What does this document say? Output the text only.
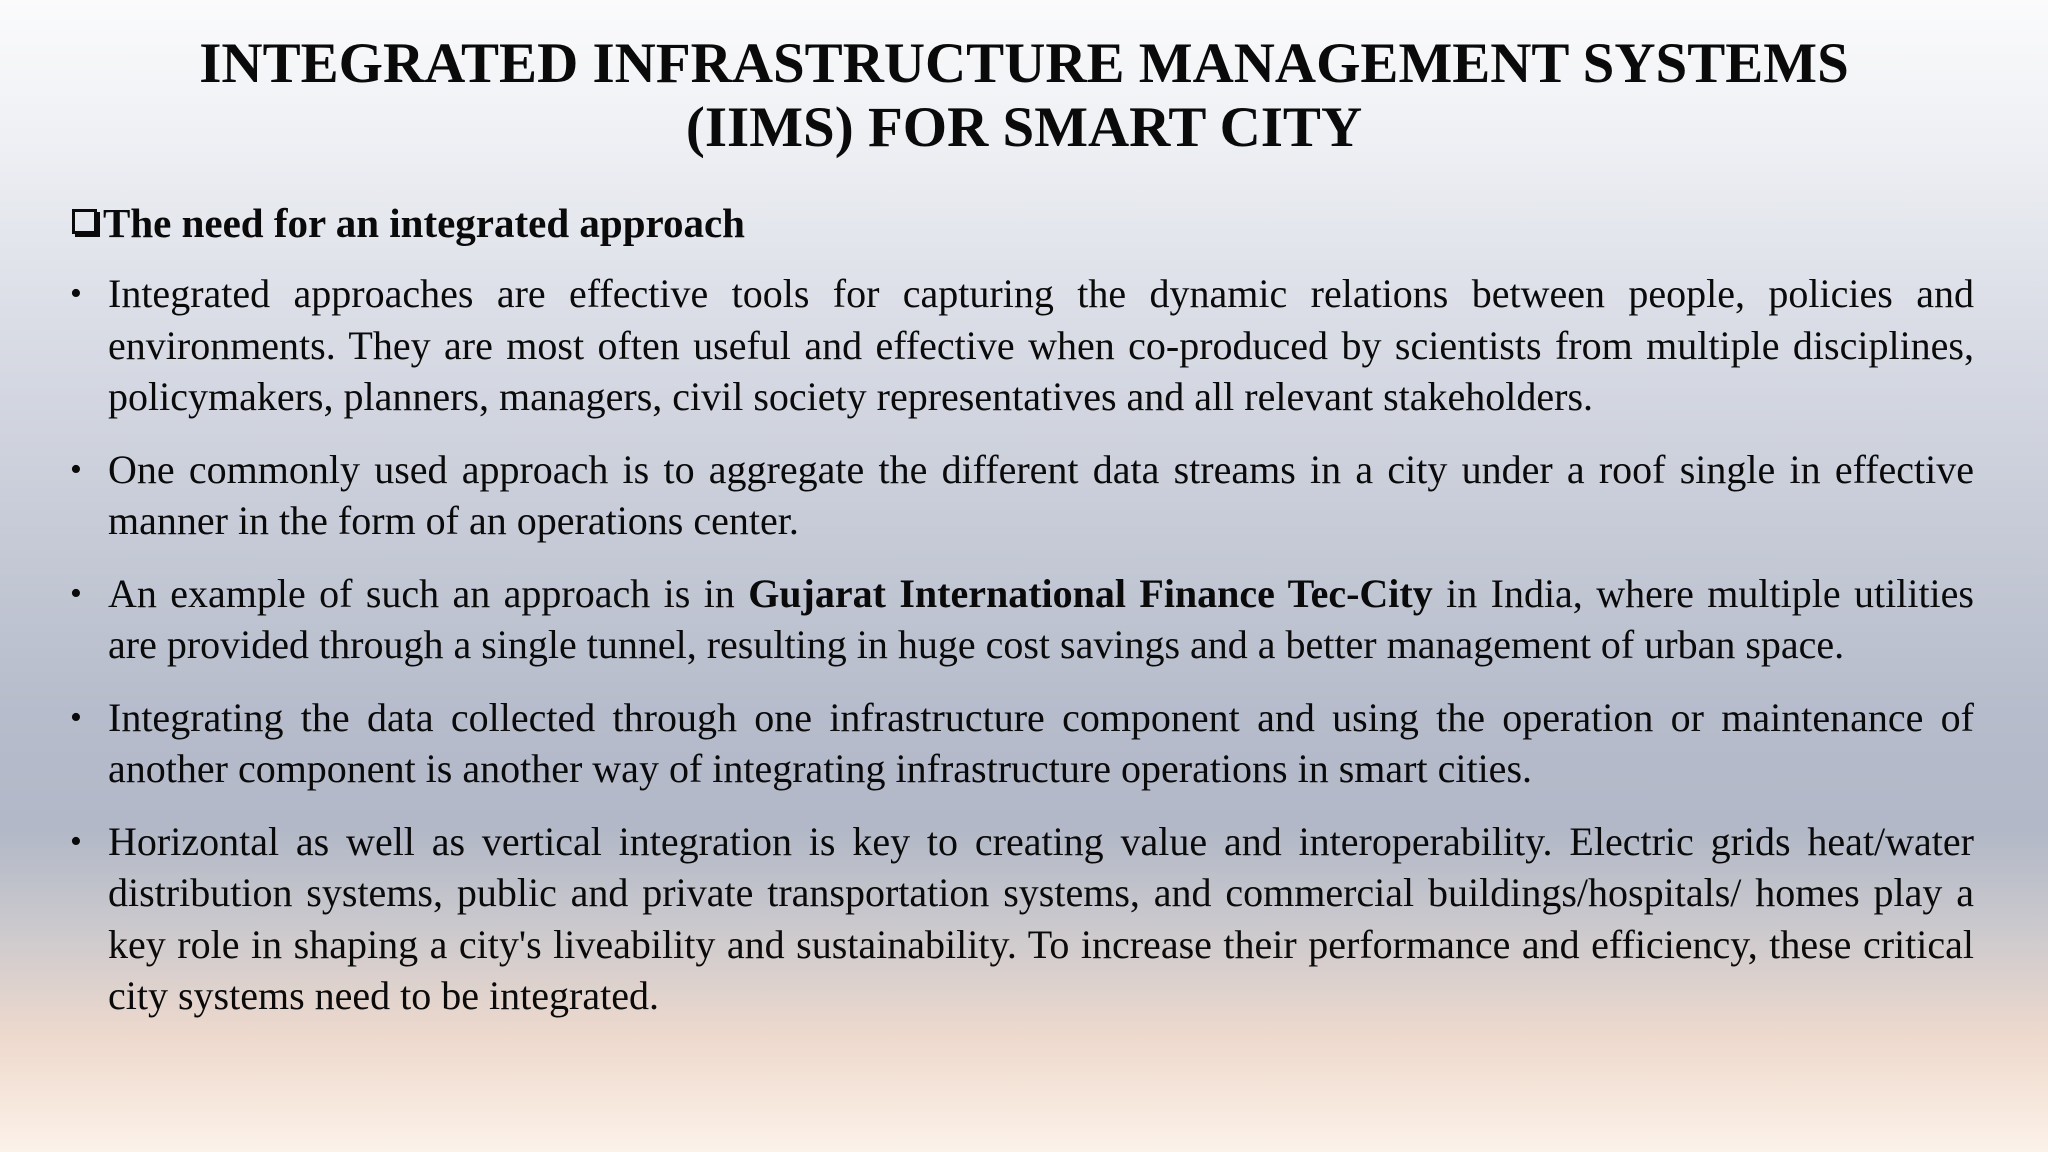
INTEGRATED INFRASTRUCTURE MANAGEMENT SYSTEMS
(IIMS) FOR SMART CITY
The need for an integrated approach
• Integrated approaches are effective tools for capturing the dynamic relations between people, policies and environments. They are most often useful and effective when co-produced by scientists from multiple disciplines, policymakers, planners, managers, civil society representatives and all relevant stakeholders.
• One commonly used approach is to aggregate the different data streams in a city under a roof single in effective manner in the form of an operations center.
• An example of such an approach is in Gujarat International Finance Tec-City in India, where multiple utilities are provided through a single tunnel, resulting in huge cost savings and a better management of urban space.
• Integrating the data collected through one infrastructure component and using the operation or maintenance of another component is another way of integrating infrastructure operations in smart cities.
• Horizontal as well as vertical integration is key to creating value and interoperability. Electric grids heat/water distribution systems, public and private transportation systems, and commercial buildings/hospitals/ homes play a key role in shaping a city's liveability and sustainability. To increase their performance and efficiency, these critical city systems need to be integrated.
